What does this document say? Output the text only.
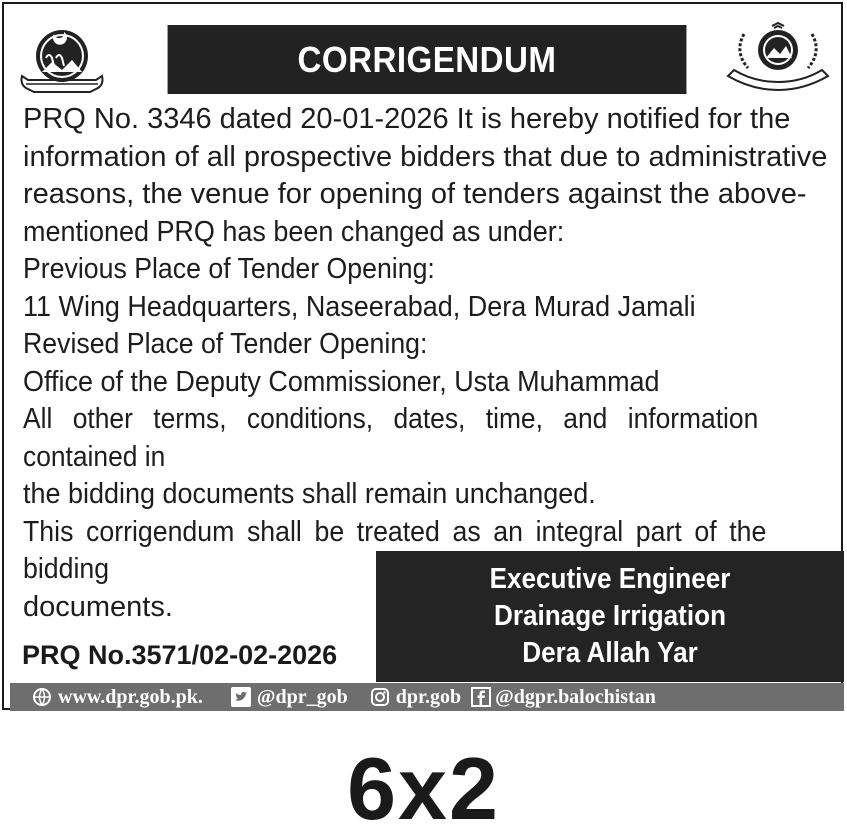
CORRIGENDUM

PRQ No. 3346 dated 20-01-2026 It is hereby notified for the

information of all prospective bidders that due to administrative

reasons, the venue for opening of tenders against the above-

mentioned PRQ has been changed as under:

Previous Place of Tender Opening:

11 Wing Headquarters, Naseerabad, Dera Murad Jamali

Revised Place of Tender Opening:

Office of the Deputy Commissioner, Usta Muhammad

All other terms, conditions, dates, time, and information contained in

the bidding documents shall remain unchanged.

This corrigendum shall be treated as an integral part of the bidding

documents.

Executive Engineer
Drainage Irrigation
Dera Allah Yar
PRQ No.3571/02-02-2026
www.dpr.gob.pk.	@dpr_gob dpr.gob @dgpr.balochistan
6x2
